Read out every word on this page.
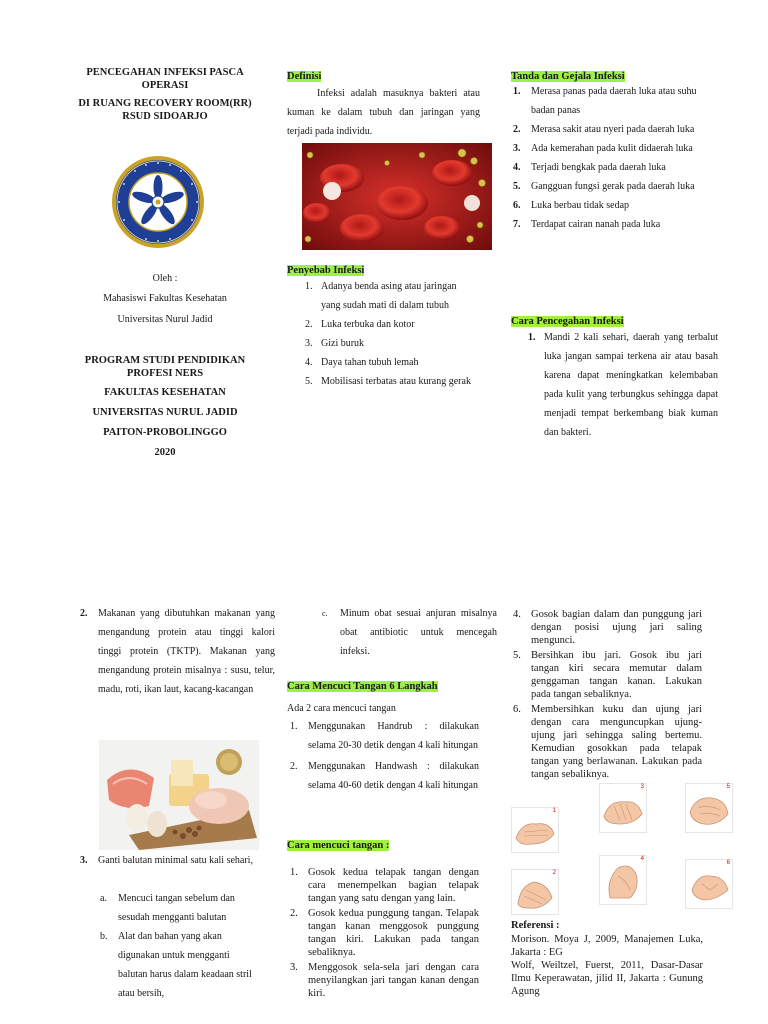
PENCEGAHAN INFEKSI PASCA OPERASI
DI RUANG RECOVERY ROOM(RR) RSUD SIDOARJO
Oleh :
Mahasiswi Fakultas Kesehatan
Universitas Nurul Jadid
PROGRAM STUDI PENDIDIKAN PROFESI NERS
FAKULTAS KESEHATAN
UNIVERSITAS NURUL JADID
PAITON-PROBOLINGGO
2020
Definisi
Infeksi adalah masuknya bakteri atau kuman ke dalam tubuh dan jaringan yang terjadi pada individu.
Penyebab Infeksi
1. Adanya benda asing atau jaringan yang sudah mati di dalam tubuh
2. Luka terbuka dan kotor
3. Gizi buruk
4. Daya tahan tubuh lemah
5. Mobilisasi terbatas atau kurang gerak
Tanda dan Gejala Infeksi
1. Merasa panas pada daerah luka atau suhu badan panas
2. Merasa sakit atau nyeri pada daerah luka
3. Ada kemerahan pada kulit didaerah luka
4. Terjadi bengkak pada daerah luka
5. Gangguan fungsi gerak pada daerah luka
6. Luka berbau tidak sedap
7. Terdapat cairan nanah pada luka
Cara Pencegahan Infeksi
1. Mandi 2 kali sehari, daerah yang terbalut luka jangan sampai terkena air atau basah karena dapat meningkatkan kelembaban pada kulit yang terbungkus sehingga dapat menjadi tempat berkembang biak kuman dan bakteri.
2. Makanan yang dibutuhkan makanan yang mengandung protein atau tinggi kalori tinggi protein (TKTP). Makanan yang mengandung protein misalnya : susu, telur, madu, roti, ikan laut, kacang-kacangan
3. Ganti balutan minimal satu kali sehari,
a. Mencuci tangan sebelum dan sesudah mengganti balutan
b. Alat dan bahan yang akan digunakan untuk mengganti balutan harus dalam keadaan stril atau bersih,
c. Minum obat sesuai anjuran misalnya obat antibiotic untuk mencegah infeksi.
Cara Mencuci Tangan 6 Langkah
Ada 2 cara mencuci tangan
1. Menggunakan Handrub : dilakukan selama 20-30 detik dengan 4 kali hitungan
2. Menggunakan Handwash : dilakukan selama 40-60 detik dengan 4 kali hitungan
Cara mencuci tangan :
1. Gosok kedua telapak tangan dengan cara menempelkan bagian telapak tangan yang satu dengan yang lain.
2. Gosok kedua punggung tangan. Telapak tangan kanan menggosok punggung tangan kiri. Lakukan pada tangan sebaliknya.
3. Menggosok sela-sela jari dengan cara menyilangkan jari tangan kanan dengan kiri.
4. Gosok bagian dalam dan punggung jari dengan posisi ujung jari saling mengunci.
5. Bersihkan ibu jari. Gosok ibu jari tangan kiri secara memutar dalam genggaman tangan kanan. Lakukan pada tangan sebaliknya.
6. Membersihkan kuku dan ujung jari dengan cara menguncupkan ujung-ujung jari sehingga saling bertemu. Kemudian gosokkan pada telapak tangan yang berlawanan. Lakukan pada tangan sebaliknya.
1
2
3
4
5
6
Referensi :
Morison. Moya J, 2009, Manajemen Luka, Jakarta : EG
Wolf, Weiltzel, Fuerst, 2011, Dasar-Dasar Ilmu Keperawatan, jilid II, Jakarta : Gunung Agung
